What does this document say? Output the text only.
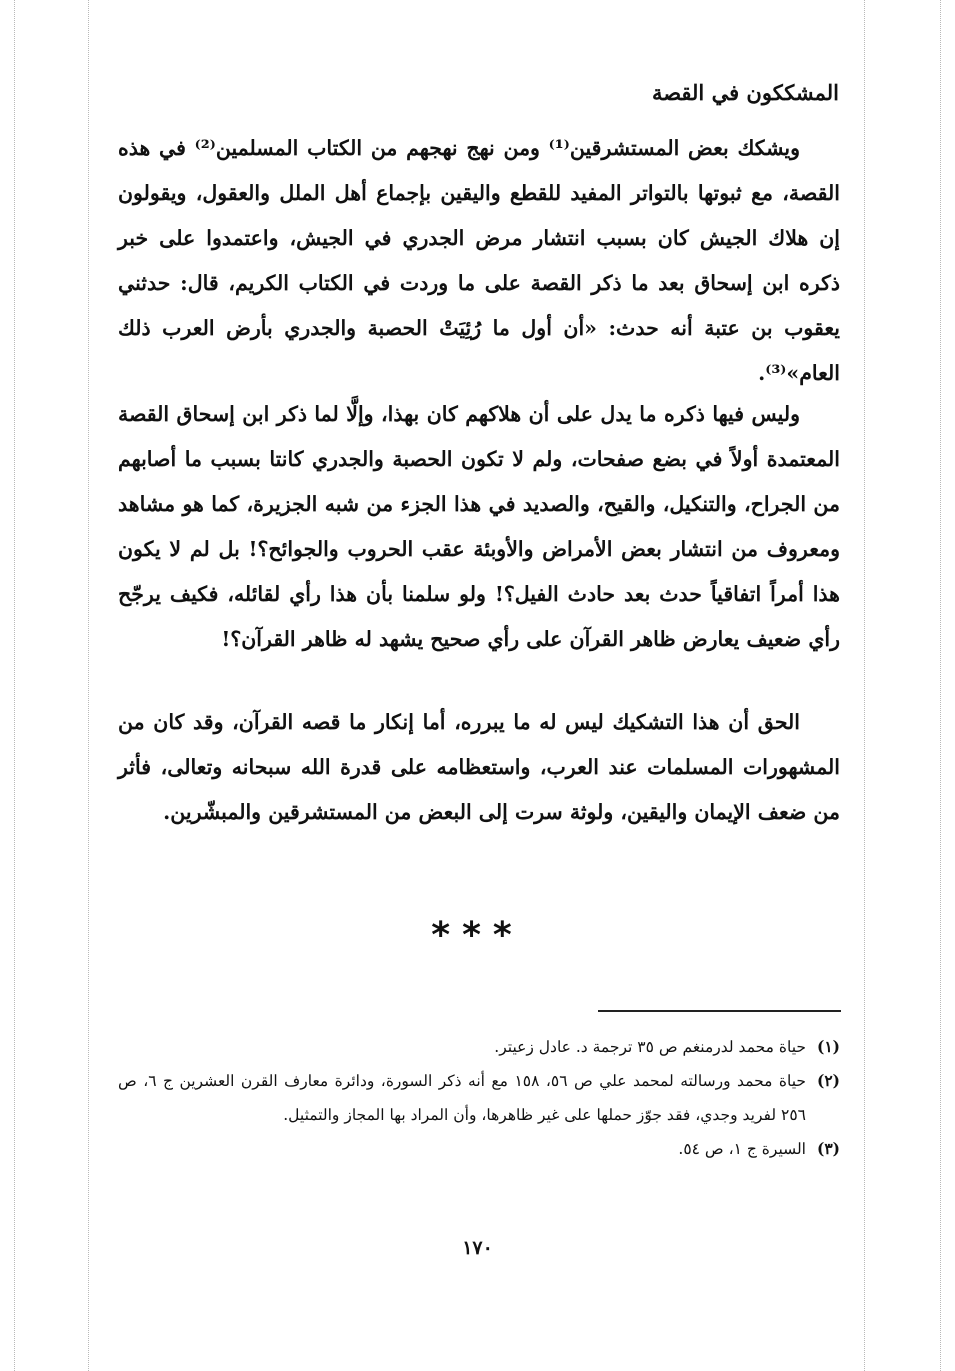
المشككون في القصة

ويشكك بعض المستشرقين⁽¹⁾ ومن نهج نهجهم من الكتاب المسلمين⁽²⁾ في هذه القصة، مع ثبوتها بالتواتر المفيد للقطع واليقين بإجماع أهل الملل والعقول، ويقولون إن هلاك الجيش كان بسبب انتشار مرض الجدري في الجيش، واعتمدوا على خبر ذكره ابن إسحاق بعد ما ذكر القصة على ما وردت في الكتاب الكريم، قال: حدثني يعقوب بن عتبة أنه حدث: «أن أول ما رُئِيَتْ الحصبة والجدري بأرض العرب ذلك العام»⁽³⁾.

وليس فيها ذكره ما يدل على أن هلاكهم كان بهذا، وإلَّا لما ذكر ابن إسحاق القصة المعتمدة أولاً في بضع صفحات، ولم لا تكون الحصبة والجدري كانتا بسبب ما أصابهم من الجراح، والتنكيل، والقيح، والصديد في هذا الجزء من شبه الجزيرة، كما هو مشاهد ومعروف من انتشار بعض الأمراض والأوبئة عقب الحروب والجوائح؟! بل لم لا يكون هذا أمراً اتفاقياً حدث بعد حادث الفيل؟! ولو سلمنا بأن هذا رأي لقائله، فكيف يرجّح رأي ضعيف يعارض ظاهر القرآن على رأي صحيح يشهد له ظاهر القرآن؟!

الحق أن هذا التشكيك ليس له ما يبرره، أما إنكار ما قصه القرآن، وقد كان من المشهورات المسلمات عند العرب، واستعظامه على قدرة الله سبحانه وتعالى، فأثر من ضعف الإيمان واليقين، ولوثة سرت إلى البعض من المستشرقين والمبشّرين.

***
(١)
حياة محمد لدرمنغم ص ٣٥ ترجمة د. عادل زعيتر.
(٢)
حياة محمد ورسالته لمحمد علي ص ٥٦، ١٥٨ مع أنه ذكر السورة، ودائرة معارف القرن العشرين ج ٦، ص ٢٥٦ لفريد وجدي، فقد جوّز حملها على غير ظاهرها، وأن المراد بها المجاز والتمثيل.
(٣)
السيرة ج ١، ص ٥٤.
١٧٠
